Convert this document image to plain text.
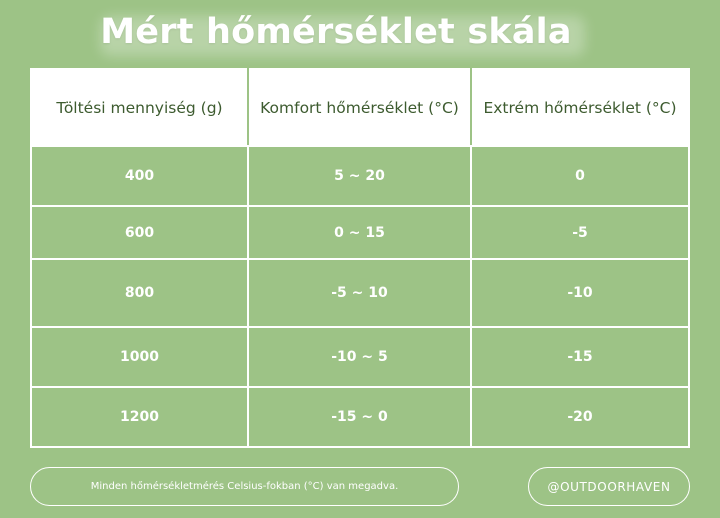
Mért hőmérséklet skála
Töltési mennyiség (g)	Komfort hőmérséklet (°C)	Extrém hőmérséklet (°C)
400	5 ~ 20	0
600	0 ~ 15	-5
800	-5 ~ 10	-10
1000	-10 ~ 5	-15
1200	-15 ~ 0	-20
Minden hőmérsékletmérés Celsius-fokban (°C) van megadva.	@OUTDOORHAVEN
